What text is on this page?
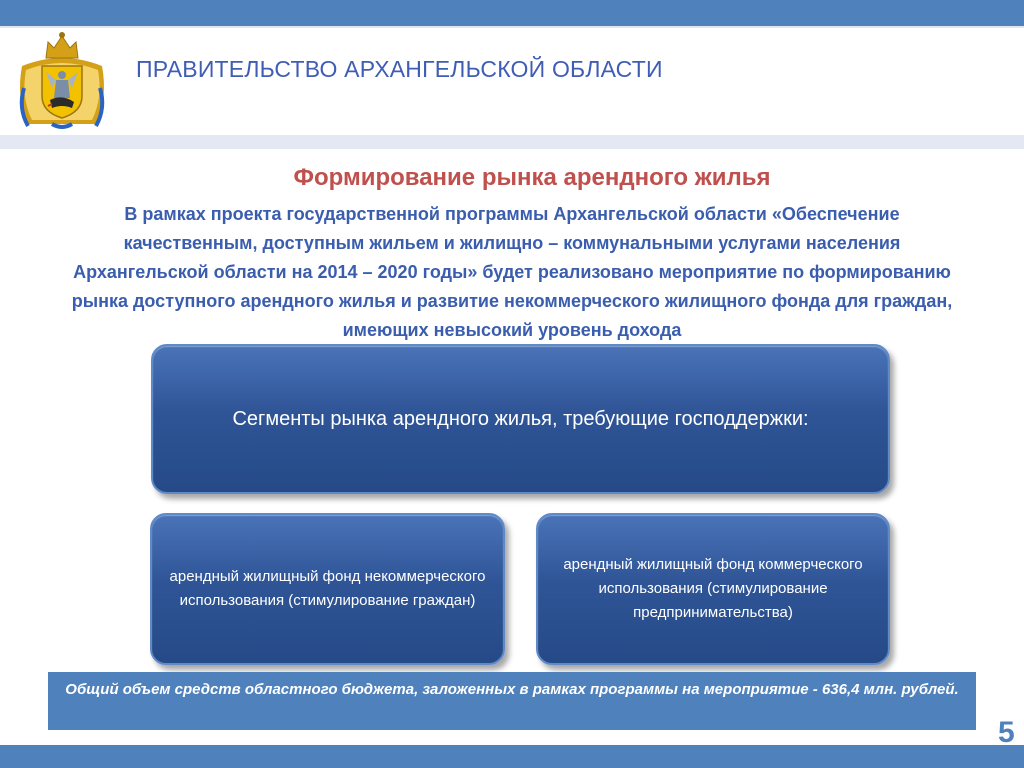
ПРАВИТЕЛЬСТВО АРХАНГЕЛЬСКОЙ ОБЛАСТИ
Формирование рынка арендного жилья
В рамках проекта государственной программы Архангельской области «Обеспечение качественным, доступным жильем и жилищно – коммунальными услугами населения Архангельской области на 2014 – 2020 годы» будет реализовано мероприятие по формированию рынка доступного арендного жилья и развитие некоммерческого жилищного фонда для граждан, имеющих невысокий уровень дохода
Сегменты рынка арендного жилья, требующие господдержки:
арендный жилищный фонд некоммерческого использования (стимулирование граждан)
арендный жилищный фонд коммерческого использования (стимулирование предпринимательства)
Общий объем средств областного бюджета, заложенных в рамках программы на мероприятие - 636,4 млн. рублей.
5
